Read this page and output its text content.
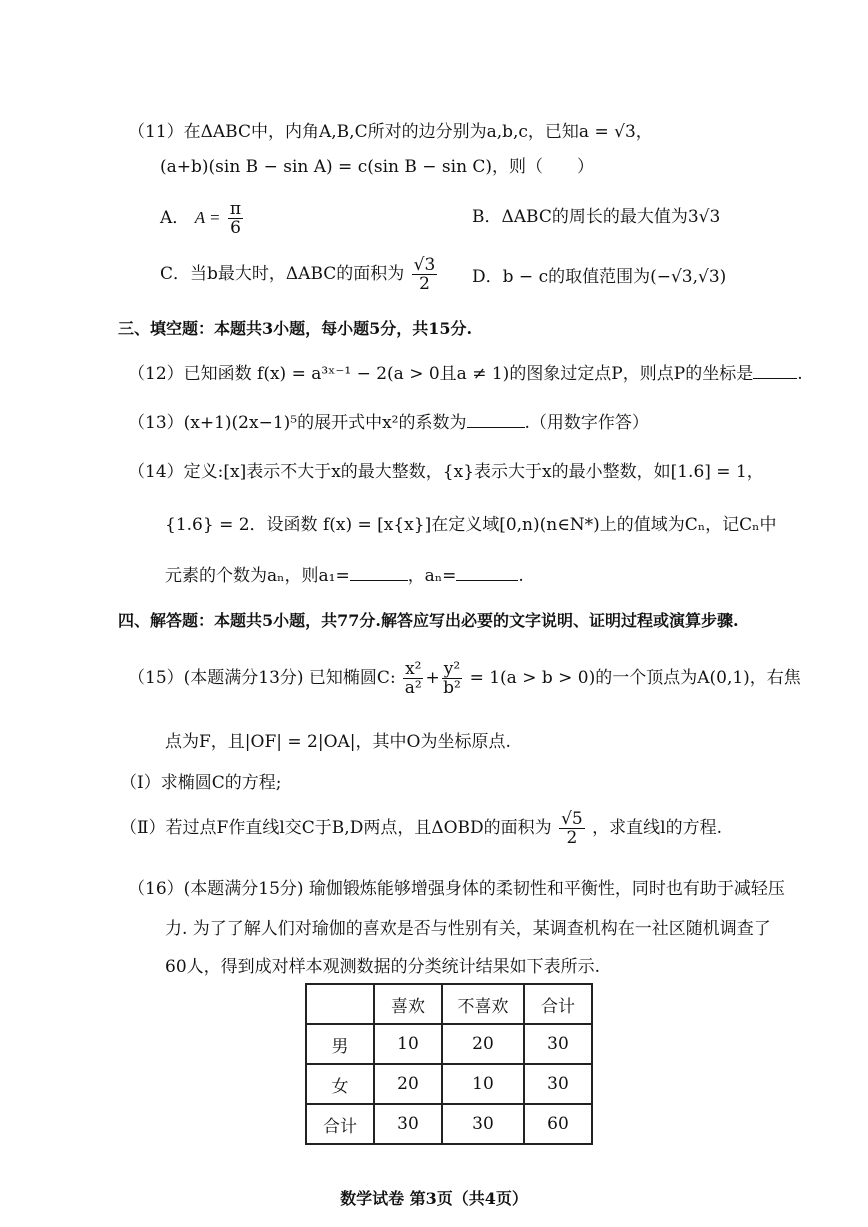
（11）在ΔABC中，内角A,B,C所对的边分别为a,b,c，已知a = √3，
(a+b)(sin B − sin A) = c(sin B − sin C)，则（　　）
A． $A = \frac{\pi}{6}$	B．ΔABC的周长的最大值为3√3
C．当b最大时，ΔABC的面积为 $\frac{√3}{2}$ D．b − c的取值范围为(−√3,√3)
三、填空题：本题共3小题，每小题5分，共15分.
（12）已知函数 f(x) = a³ˣ⁻¹ − 2(a > 0且a ≠ 1)的图象过定点P，则点P的坐标是	.
（13）(x+1)(2x−1)⁵的展开式中x²的系数为	.（用数字作答）
（14）定义:[x]表示不大于x的最大整数，{x}表示大于x的最小整数，如[1.6] = 1，
{1.6} = 2．设函数 f(x) = [x{x}]在定义域[0,n)(n∈N*)上的值域为Cₙ，记Cₙ中
元素的个数为aₙ，则a₁=	，aₙ=	.
四、解答题：本题共5小题，共77分.解答应写出必要的文字说明、证明过程或演算步骤.
（15）(本题满分13分) 已知椭圆C: $\frac{\text{x²}}{\text{a²}} + \frac{\text{y²}}{\text{b²}} = 1(a > b > 0)$的一个顶点为A(0,1)，右焦
点为F，且|OF| = 2|OA|，其中O为坐标原点.
（Ⅰ）求椭圆C的方程;
（Ⅱ）若过点F作直线l交C于B,D两点，且ΔOBD的面积为 $\frac{√5}{2}$ ，求直线l的方程.
（16）(本题满分15分) 瑜伽锻炼能够增强身体的柔韧性和平衡性，同时也有助于减轻压
力. 为了了解人们对瑜伽的喜欢是否与性别有关，某调查机构在一社区随机调查了
60人，得到成对样本观测数据的分类统计结果如下表所示.
	喜欢	不喜欢	合计
男	10	20	30
女	20	10	30
合计	30	30	60
数学试卷 第3页（共4页）
